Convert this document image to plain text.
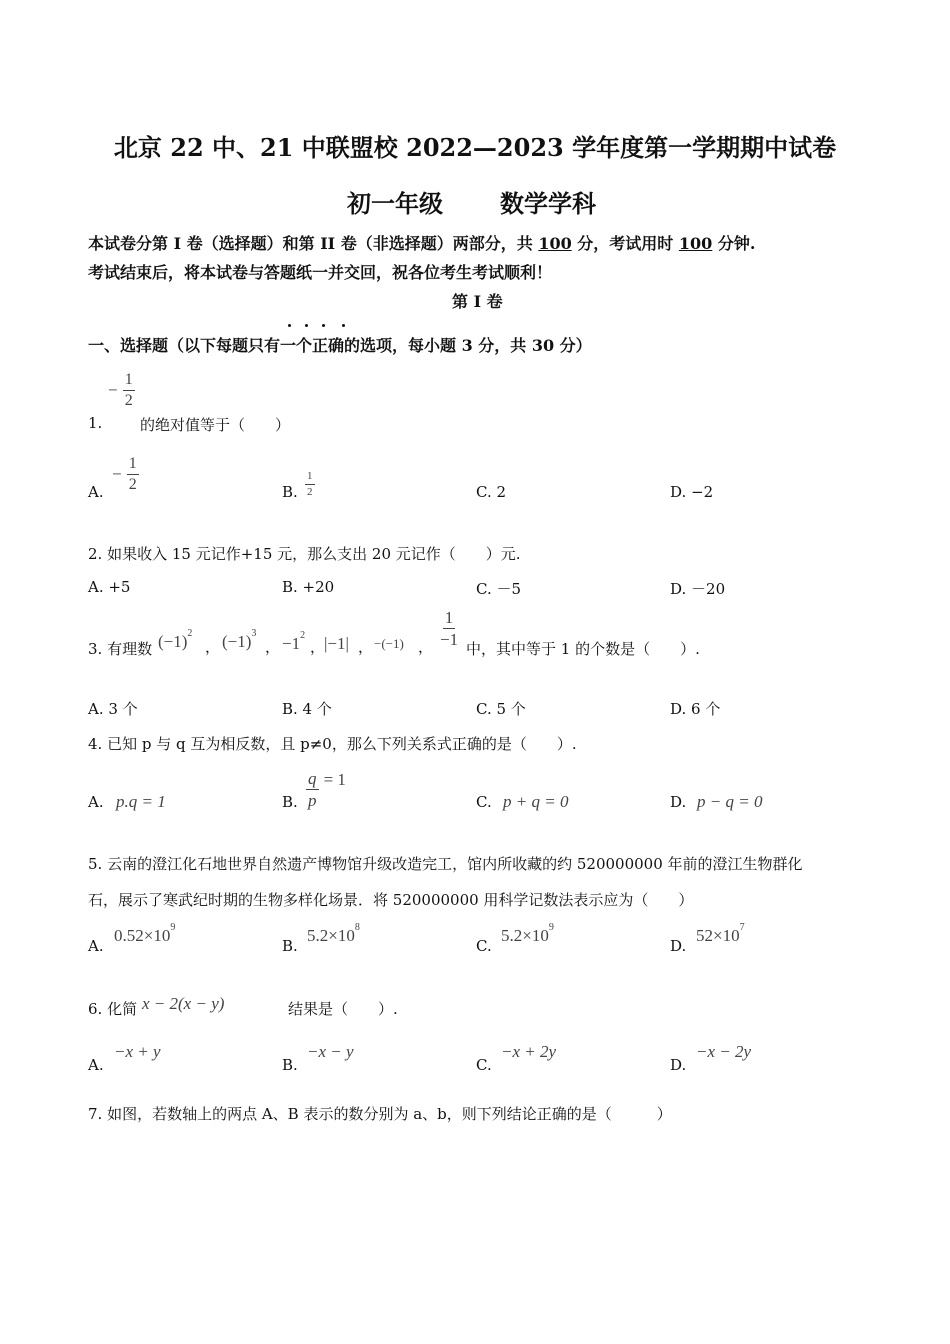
北京 22 中、21 中联盟校 2022—2023 学年度第一学期期中试卷
初一年级 数学学科
本试卷分第 I 卷（选择题）和第 II 卷（非选择题）两部分，共 100 分，考试用时 100 分钟.
考试结束后，将本试卷与答题纸一并交回，祝各位考生考试顺利！
第 I 卷
一、选择题（以下每题只有一个正确的选项，每小题 3 分，共 30 分）
− $\frac{1}{2}$
1.	的绝对值等于（　　）
A.
− $\frac{1}{2}$	B. $\frac{1}{2}$	C. 2	D. −2
2. 如果收入 15 元记作+15 元，那么支出 20 元记作（　　）元.
A. +5	B. +20	C. －5	D. －20
3. 有理数 $(-1)^2$
， $(-1)^3$
， $-1^2$
，
|−1| ， −(−1) ， $\frac{1}{-1}$
中，其中等于 1 的个数是（　　）.
A. 3 个	B. 4 个	C. 5 个	D. 6 个
4. 已知 p 与 q 互为相反数，且 p≠0，那么下列关系式正确的是（　　）.
A. p.q = 1	B. $\frac{q}{p} = 1$
C. p + q = 0	D. p − q = 0
5. 云南的澄江化石地世界自然遗产博物馆升级改造完工，馆内所收藏的约 520000000 年前的澄江生物群化
石，展示了寒武纪时期的生物多样化场景．将 520000000 用科学记数法表示应为（　　）
A.
$0.52\times 10^9$
B.
$5.2\times 10^8$
C.
$5.2\times 10^9$
D.
$52\times 10^7$
6. 化简 x − 2(x − y)	结果是（　　）.
A.
−x + y
B.
−x − y
C.
−x + 2y
D.
−x − 2y
7. 如图，若数轴上的两点 A、B 表示的数分别为 a、b，则下列结论正确的是（　　　）
